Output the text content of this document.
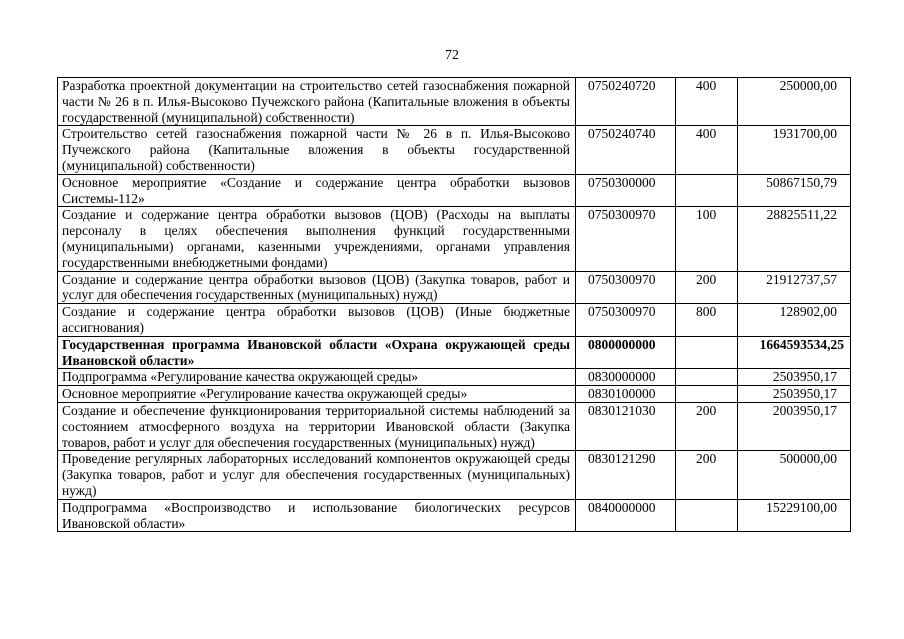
72
Разработка проектной документации на строительство сетей газоснабжения пожарной части № 26 в п. Илья-Высоково Пучежского района (Капитальные вложения в объекты государственной (муниципальной) собственности)	0750240720	400	250000,00
Строительство сетей газоснабжения пожарной части № 26 в п. Илья-Высоково Пучежского района (Капитальные вложения в объекты государственной (муниципальной) собственности)	0750240740	400	1931700,00
Основное мероприятие «Создание и содержание центра обработки вызовов Системы-112»	0750300000		50867150,79
Создание и содержание центра обработки вызовов (ЦОВ) (Расходы на выплаты персоналу в целях обеспечения выполнения функций государственными (муниципальными) органами, казенными учреждениями, органами управления государственными внебюджетными фондами)	0750300970	100	28825511,22
Создание и содержание центра обработки вызовов (ЦОВ) (Закупка товаров, работ и услуг для обеспечения государственных (муниципальных) нужд)	0750300970	200	21912737,57
Создание и содержание центра обработки вызовов (ЦОВ) (Иные бюджетные ассигнования)	0750300970	800	128902,00
Государственная программа Ивановской области «Охрана окружающей среды Ивановской области»	0800000000		1664593534,25
Подпрограмма «Регулирование качества окружающей среды»	0830000000		2503950,17
Основное мероприятие «Регулирование качества окружающей среды»	0830100000		2503950,17
Создание и обеспечение функционирования территориальной системы наблюдений за состоянием атмосферного воздуха на территории Ивановской области (Закупка товаров, работ и услуг для обеспечения государственных (муниципальных) нужд)	0830121030	200	2003950,17
Проведение регулярных лабораторных исследований компонентов окружающей среды (Закупка товаров, работ и услуг для обеспечения государственных (муниципальных) нужд)	0830121290	200	500000,00
Подпрограмма «Воспроизводство и использование биологических ресурсов Ивановской области»	0840000000		15229100,00
